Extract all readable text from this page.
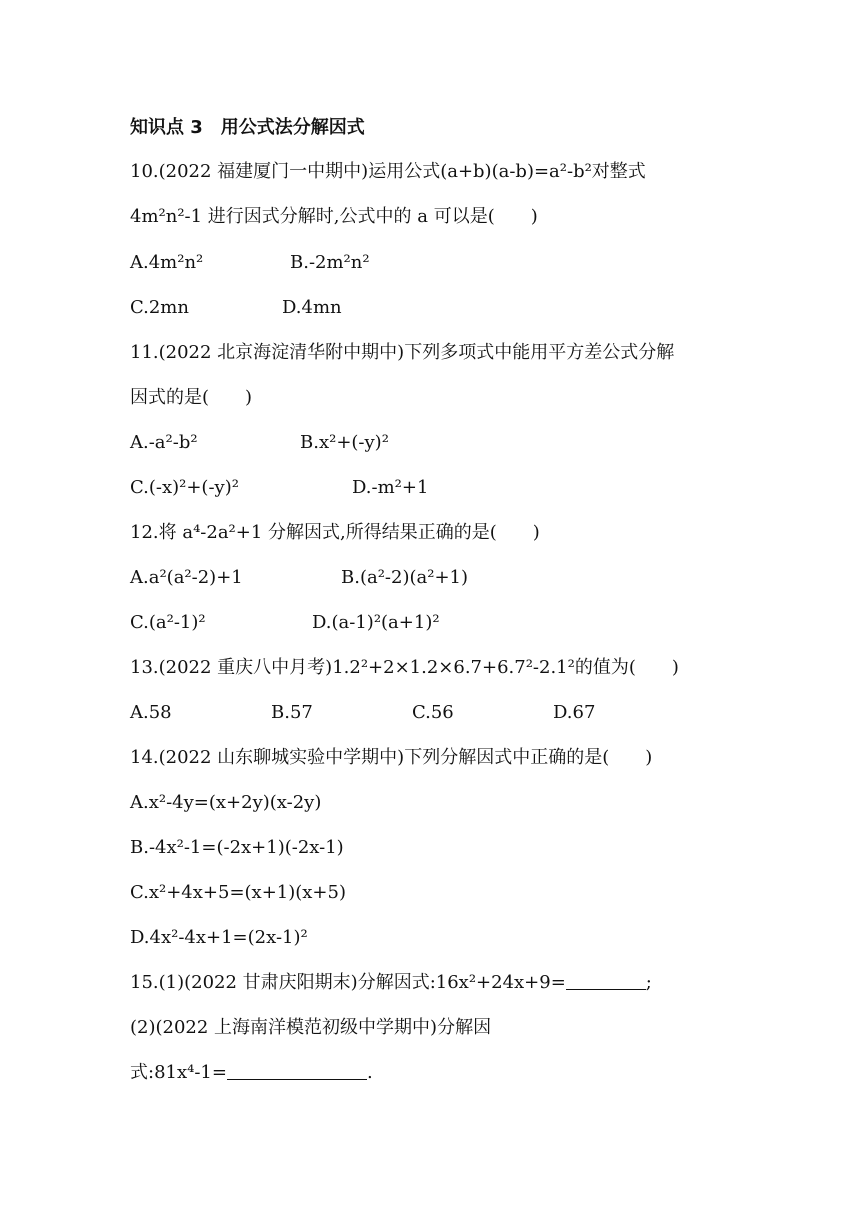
知识点 3　用公式法分解因式
10.(2022 福建厦门一中期中)运用公式(a+b)(a-b)=a²-b²对整式
4m²n²-1 进行因式分解时,公式中的 a 可以是(　　)
A.4m²n²	B.-2m²n²
C.2mn	D.4mn
11.(2022 北京海淀清华附中期中)下列多项式中能用平方差公式分解
因式的是(　　)
A.-a²-b²	B.x²+(-y)²
C.(-x)²+(-y)²	D.-m²+1
12.将 a⁴-2a²+1 分解因式,所得结果正确的是(　　)
A.a²(a²-2)+1	B.(a²-2)(a²+1)
C.(a²-1)²	D.(a-1)²(a+1)²
13.(2022 重庆八中月考)1.2²+2×1.2×6.7+6.7²-2.1²的值为(　　)
A.58	B.57	C.56	D.67
14.(2022 山东聊城实验中学期中)下列分解因式中正确的是(　　)
A.x²-4y=(x+2y)(x-2y)
B.-4x²-1=(-2x+1)(-2x-1)
C.x²+4x+5=(x+1)(x+5)
D.4x²-4x+1=(2x-1)²
15.(1)(2022 甘肃庆阳期末)分解因式:16x²+24x+9=	;
(2)(2022 上海南洋模范初级中学期中)分解因
式:81x⁴-1=	.
